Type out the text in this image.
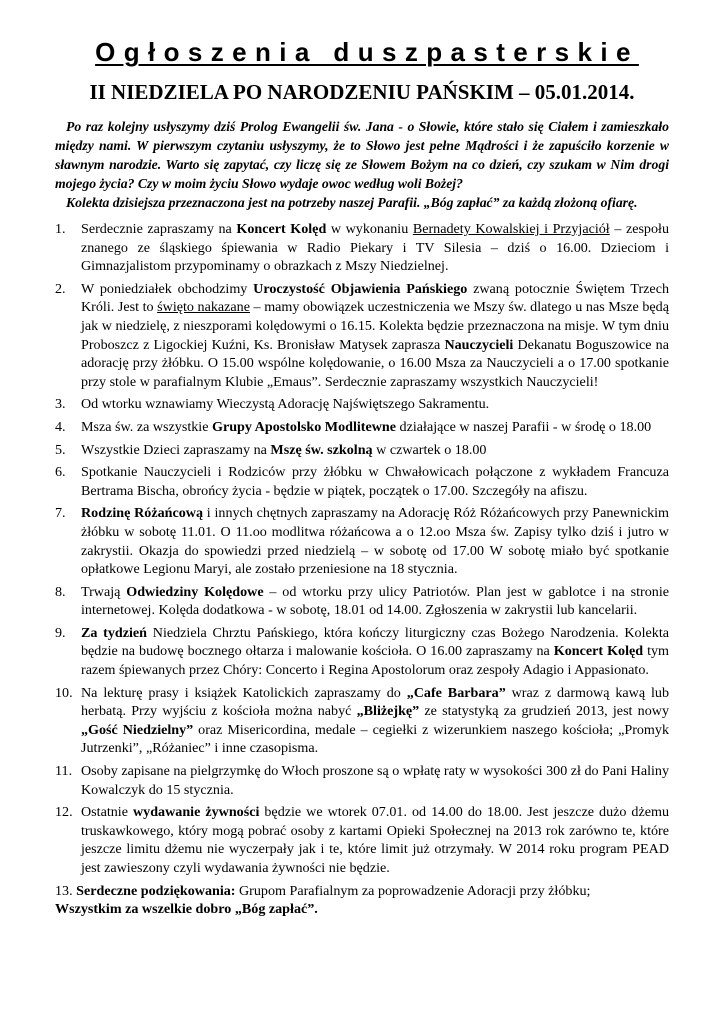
Ogłoszenia duszpasterskie
II NIEDZIELA PO NARODZENIU PAŃSKIM – 05.01.2014.

Po raz kolejny usłyszymy dziś Prolog Ewangelii św. Jana - o Słowie, które stało się Ciałem i zamieszkało między nami. W pierwszym czytaniu usłyszymy, że to Słowo jest pełne Mądrości i że zapuściło korzenie w sławnym narodzie. Warto się zapytać, czy liczę się ze Słowem Bożym na co dzień, czy szukam w Nim drogi mojego życia? Czy w moim życiu Słowo wydaje owoc według woli Bożej?

Kolekta dzisiejsza przeznaczona jest na potrzeby naszej Parafii. „Bóg zapłać” za każdą złożoną ofiarę.

1.	Serdecznie zapraszamy na Koncert Kolęd w wykonaniu Bernadety Kowalskiej i Przyjaciół – zespołu znanego ze śląskiego śpiewania w Radio Piekary i TV Silesia – dziś o 16.00. Dzieciom i Gimnazjalistom przypominamy o obrazkach z Mszy Niedzielnej.
2.	W poniedziałek obchodzimy Uroczystość Objawienia Pańskiego zwaną potocznie Świętem Trzech Króli. Jest to święto nakazane – mamy obowiązek uczestniczenia we Mszy św. dlatego u nas Msze będą jak w niedzielę, z nieszporami kolędowymi o 16.15. Kolekta będzie przeznaczona na misje. W tym dniu Proboszcz z Ligockiej Kuźni, Ks. Bronisław Matysek zaprasza Nauczycieli Dekanatu Boguszowice na adorację przy żłóbku. O 15.00 wspólne kolędowanie, o 16.00 Msza za Nauczycieli a o 17.00 spotkanie przy stole w parafialnym Klubie „Emaus”. Serdecznie zapraszamy wszystkich Nauczycieli!
3.	Od wtorku wznawiamy Wieczystą Adorację Najświętszego Sakramentu.
4.	Msza św. za wszystkie Grupy Apostolsko Modlitewne działające w naszej Parafii - w środę o 18.00
5.	Wszystkie Dzieci zapraszamy na Mszę św. szkolną w czwartek o 18.00
6.	Spotkanie Nauczycieli i Rodziców przy żłóbku w Chwałowicach połączone z wykładem Francuza Bertrama Bischa, obrońcy życia - będzie w piątek, początek o 17.00. Szczegóły na afiszu.
7.	Rodzinę Różańcową i innych chętnych zapraszamy na Adorację Róż Różańcowych przy Panewnickim żłóbku w sobotę 11.01. O 11.oo modlitwa różańcowa a o 12.oo Msza św. Zapisy tylko dziś i jutro w zakrystii. Okazja do spowiedzi przed niedzielą – w sobotę od 17.00 W sobotę miało być spotkanie opłatkowe Legionu Maryi, ale zostało przeniesione na 18 stycznia.
8.	Trwają Odwiedziny Kolędowe – od wtorku przy ulicy Patriotów. Plan jest w gablotce i na stronie internetowej. Kolęda dodatkowa - w sobotę, 18.01 od 14.00. Zgłoszenia w zakrystii lub kancelarii.
9.	Za tydzień Niedziela Chrztu Pańskiego, która kończy liturgiczny czas Bożego Narodzenia. Kolekta będzie na budowę bocznego ołtarza i malowanie kościoła. O 16.00 zapraszamy na Koncert Kolęd tym razem śpiewanych przez Chóry: Concerto i Regina Apostolorum oraz zespoły Adagio i Appasionato.
10. Na lekturę prasy i książek Katolickich zapraszamy do „Cafe Barbara” wraz z darmową kawą lub herbatą. Przy wyjściu z kościoła można nabyć „Bliżejkę” ze statystyką za grudzień 2013, jest nowy „Gość Niedzielny” oraz Misericordina, medale – cegiełki z wizerunkiem naszego kościoła; „Promyk Jutrzenki”, „Różaniec” i inne czasopisma.
11. Osoby zapisane na pielgrzymkę do Włoch proszone są o wpłatę raty w wysokości 300 zł do Pani Haliny Kowalczyk do 15 stycznia.
12. Ostatnie wydawanie żywności będzie we wtorek 07.01. od 14.00 do 18.00. Jest jeszcze dużo dżemu truskawkowego, który mogą pobrać osoby z kartami Opieki Społecznej na 2013 rok zarówno te, które jeszcze limitu dżemu nie wyczerpały jak i te, które limit już otrzymały. W 2014 roku program PEAD jest zawieszony czyli wydawania żywności nie będzie.

13. Serdeczne podziękowania: Grupom Parafialnym za poprowadzenie Adoracji przy żłóbku;

Wszystkim za wszelkie dobro „Bóg zapłać”.
